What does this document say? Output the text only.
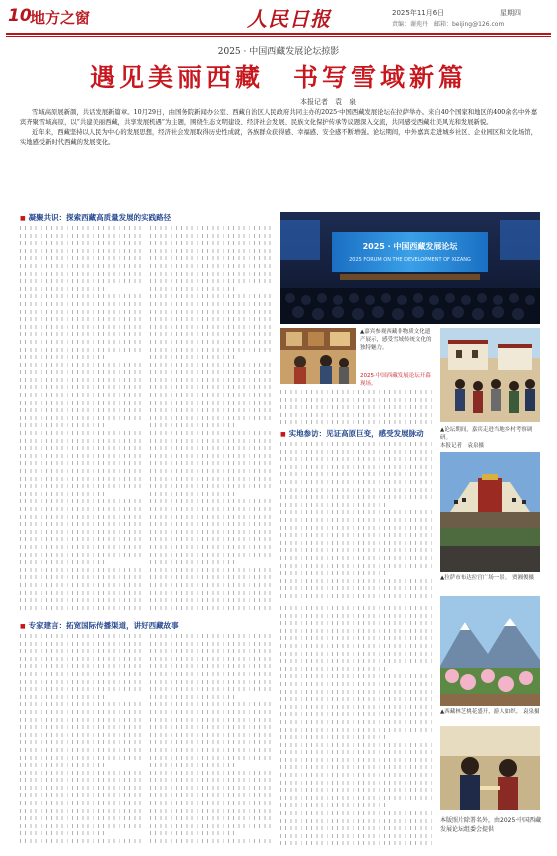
10
地方之窗	人民日报	2025年11月6日	星期四
责编：谢苑丹　邮箱：beijing@126.com
2025 · 中国西藏发展论坛掠影
遇见美丽西藏　书写雪域新篇
本报记者　袁　泉

雪域高原展新颜，共话发展新篇章。10月29日，由国务院新闻办公室、西藏自治区人民政府共同主办的2025·中国西藏发展论坛在拉萨举办。来自40个国家和地区的400余名中外嘉宾齐聚雪域高原，以“共建美丽西藏，共享发展机遇”为主题，围绕生态文明建设、经济社会发展、民族文化保护传承等议题深入交流，共同感受西藏壮美风光和发展新貌。

近年来，西藏坚持以人民为中心的发展思想，经济社会发展取得历史性成就，各族群众获得感、幸福感、安全感不断增强。论坛期间，中外嘉宾走进城乡社区、企业园区和文化场馆，实地感受新时代西藏的发展变化。

■ 凝聚共识：探索西藏高质量发展的实践路径
■ 专家建言：拓宽国际传播渠道，讲好西藏故事
2025 · 中国西藏发展论坛
2025 FORUM ON THE DEVELOPMENT OF XIZANG
▲嘉宾参观西藏非物质文化遗产展示，感受雪域传统文化的独特魅力。
■ 实地参访：见证高原巨变，感受发展脉动	▲论坛期间，嘉宾走进当地乡村考察调研。
本报记者　袁泉摄
▲拉萨市布达拉宫广场一景。 贾湘俊摄
▲西藏林芝桃花盛开，游人如织。 袁泉摄
本版照片除署名外，由2025·中国西藏发展论坛组委会提供
2025·中国西藏发展论坛开幕现场。
